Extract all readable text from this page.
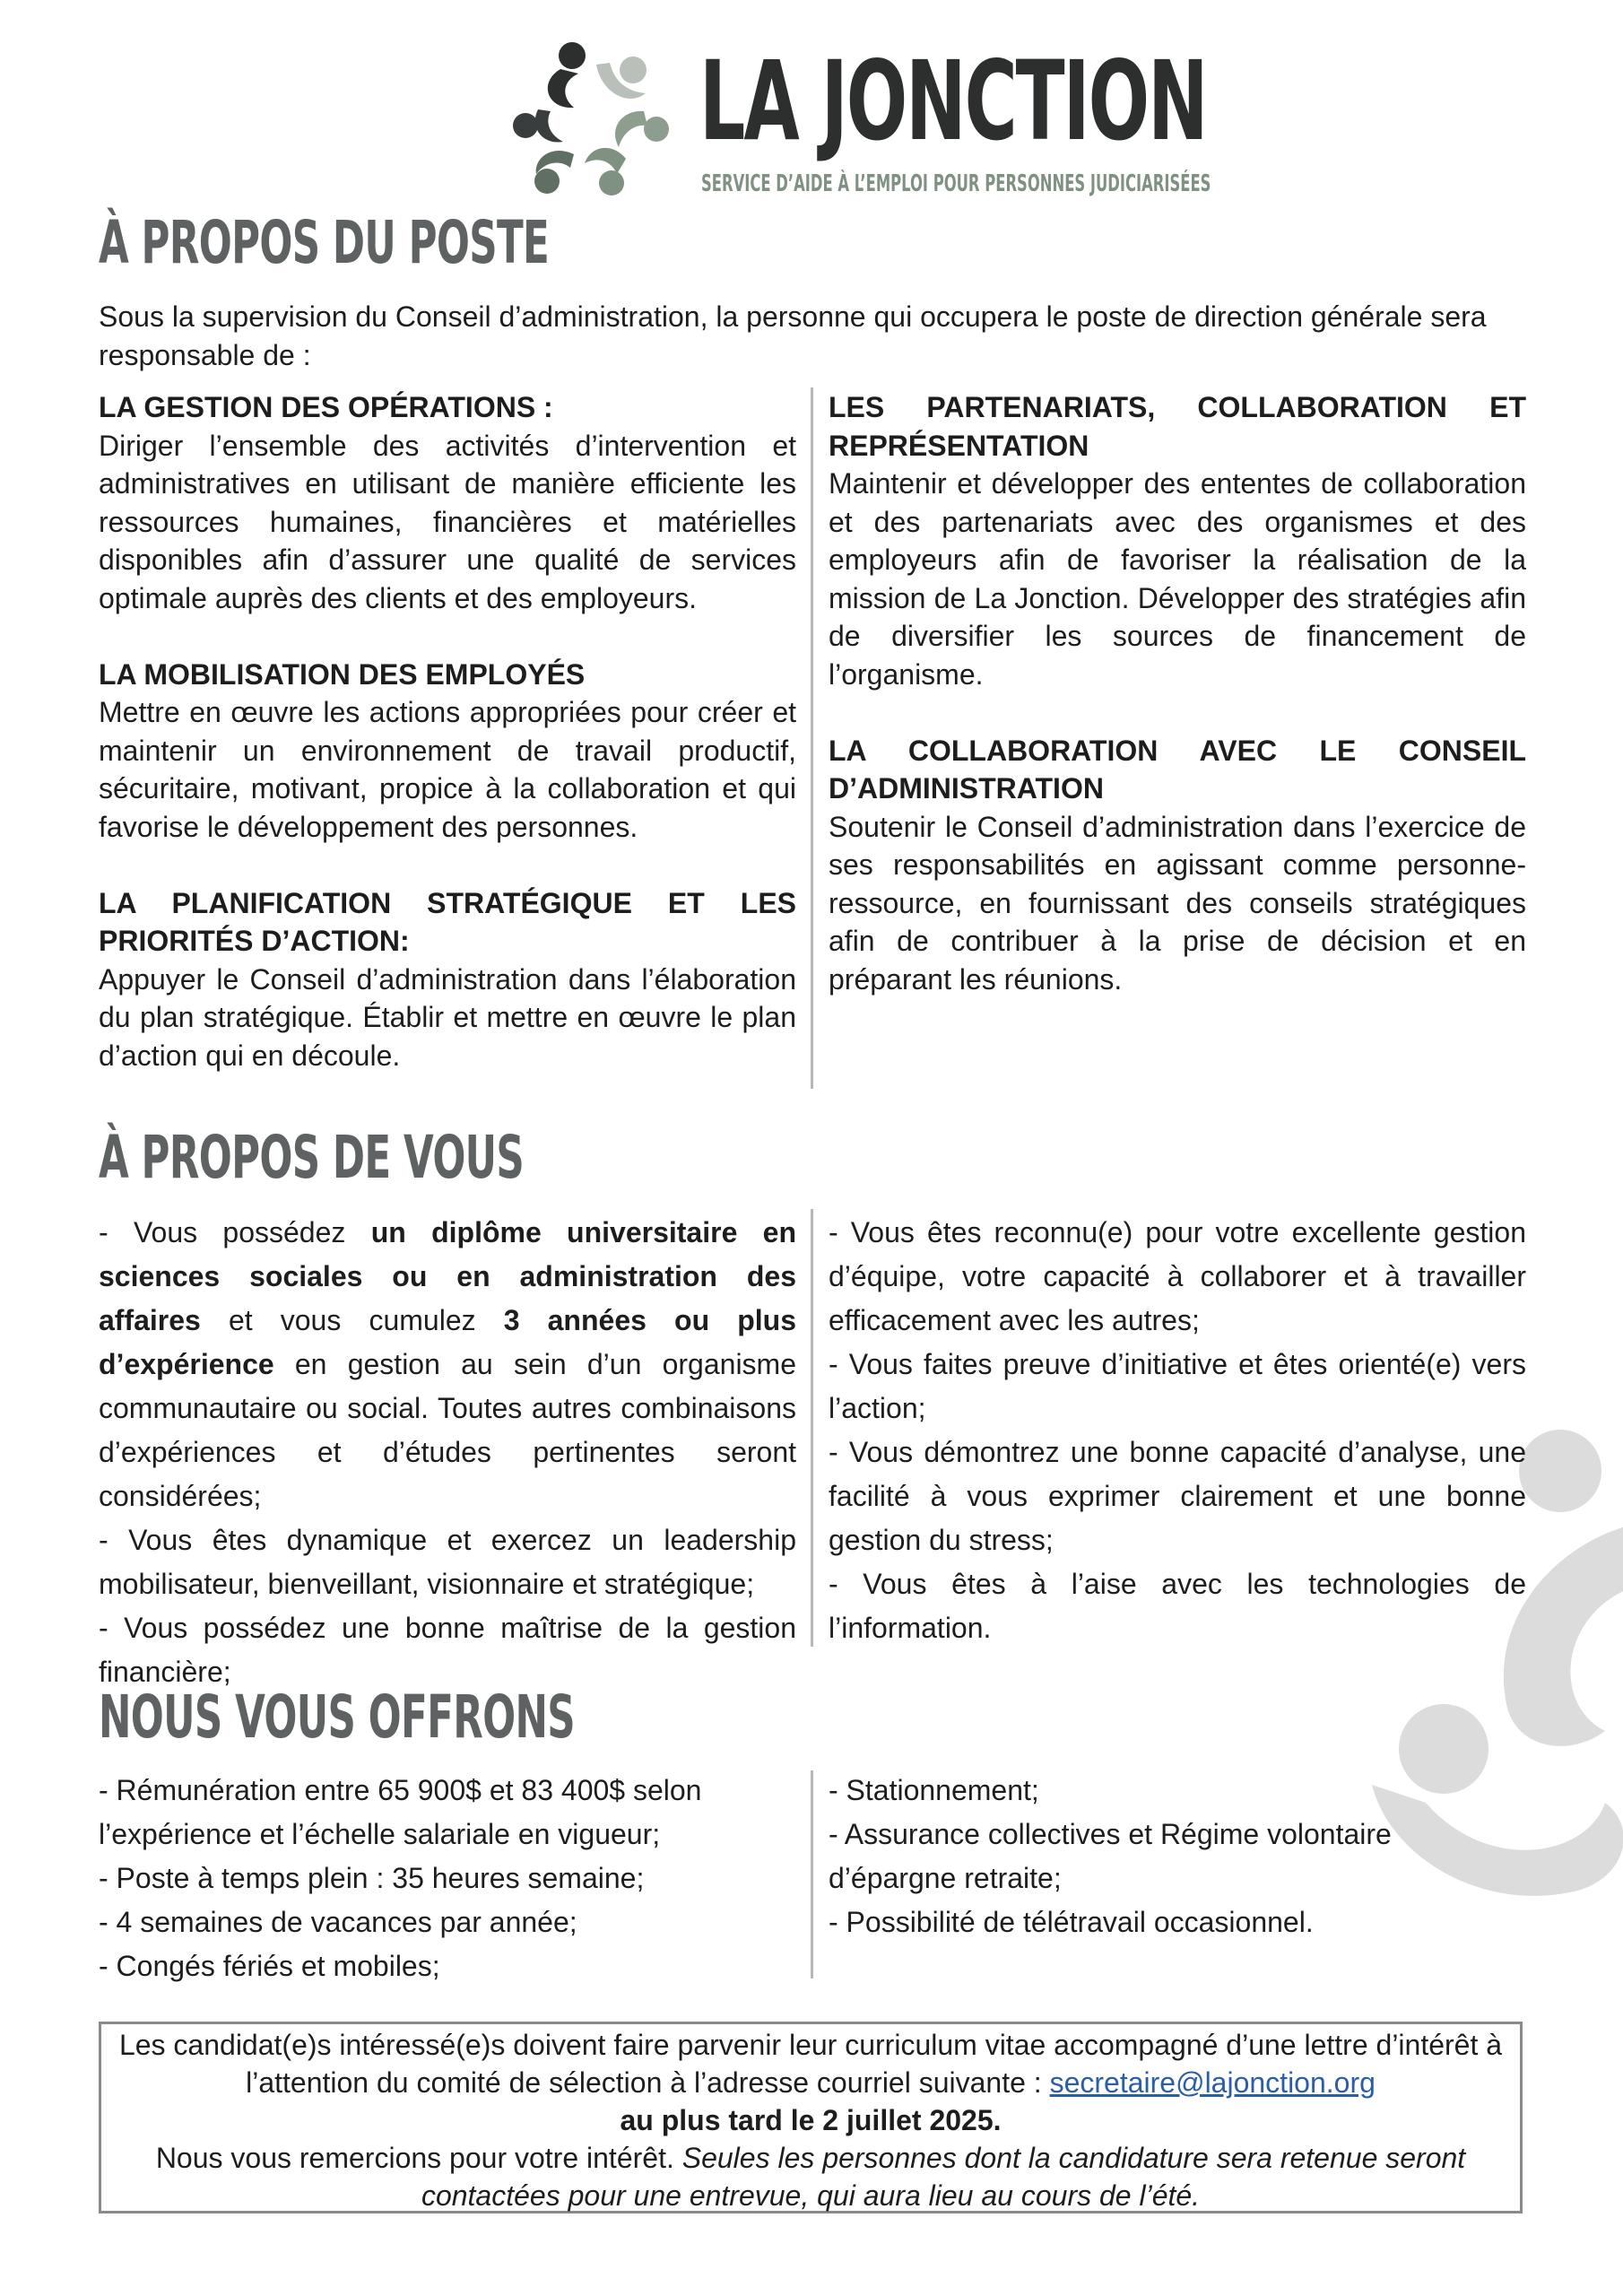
LA JONCTION
SERVICE D’AIDE À L’EMPLOI POUR PERSONNES JUDICIARISÉES
À PROPOS DU POSTE
Sous la supervision du Conseil d’administration, la personne qui occupera le poste de direction générale sera responsable de :
LA GESTION DES OPÉRATIONS :
Diriger l’ensemble des activités d’intervention et administratives en utilisant de manière efficiente les ressources humaines, financières et matérielles disponibles afin d’assurer une qualité de services optimale auprès des clients et des employeurs.
LA MOBILISATION DES EMPLOYÉS
Mettre en œuvre les actions appropriées pour créer et maintenir un environnement de travail productif, sécuritaire, motivant, propice à la collaboration et qui favorise le développement des personnes.
LA PLANIFICATION STRATÉGIQUE ET LES PRIORITÉS D’ACTION:
Appuyer le Conseil d’administration dans l’élaboration du plan stratégique. Établir et mettre en œuvre le plan d’action qui en découle.
LES PARTENARIATS, COLLABORATION ET REPRÉSENTATION
Maintenir et développer des ententes de collaboration et des partenariats avec des organismes et des employeurs afin de favoriser la réalisation de la mission de La Jonction. Développer des stratégies afin de diversifier les sources de financement de l’organisme.
LA COLLABORATION AVEC LE CONSEIL D’ADMINISTRATION
Soutenir le Conseil d’administration dans l’exercice de ses responsabilités en agissant comme personne-ressource, en fournissant des conseils stratégiques afin de contribuer à la prise de décision et en préparant les réunions.
À PROPOS DE VOUS

- Vous possédez un diplôme universitaire en sciences sociales ou en administration des affaires et vous cumulez 3 années ou plus d’expérience en gestion au sein d’un organisme communautaire ou social. Toutes autres combinaisons d’expériences et d’études pertinentes seront considérées;

- Vous êtes dynamique et exercez un leadership mobilisateur, bienveillant, visionnaire et stratégique;

- Vous possédez une bonne maîtrise de la gestion financière;

- Vous êtes reconnu(e) pour votre excellente gestion d’équipe, votre capacité à collaborer et à travailler efficacement avec les autres;

- Vous faites preuve d’initiative et êtes orienté(e) vers l’action;

- Vous démontrez une bonne capacité d’analyse, une facilité à vous exprimer clairement et une bonne gestion du stress;

- Vous êtes à l’aise avec les technologies de l’information.

NOUS VOUS OFFRONS
- Rémunération entre 65 900$ et 83 400$ selon l’expérience et l’échelle salariale en vigueur;
- Poste à temps plein : 35 heures semaine;
- 4 semaines de vacances par année;
- Congés fériés et mobiles;
- Stationnement;
- Assurance collectives et Régime volontaire d’épargne retraite;
- Possibilité de télétravail occasionnel.
Les candidat(e)s intéressé(e)s doivent faire parvenir leur curriculum vitae accompagné d’une lettre d’intérêt à l’attention du comité de sélection à l’adresse courriel suivante : secretaire@lajonction.org
au plus tard le 2 juillet 2025.
Nous vous remercions pour votre intérêt. Seules les personnes dont la candidature sera retenue seront contactées pour une entrevue, qui aura lieu au cours de l’été.
